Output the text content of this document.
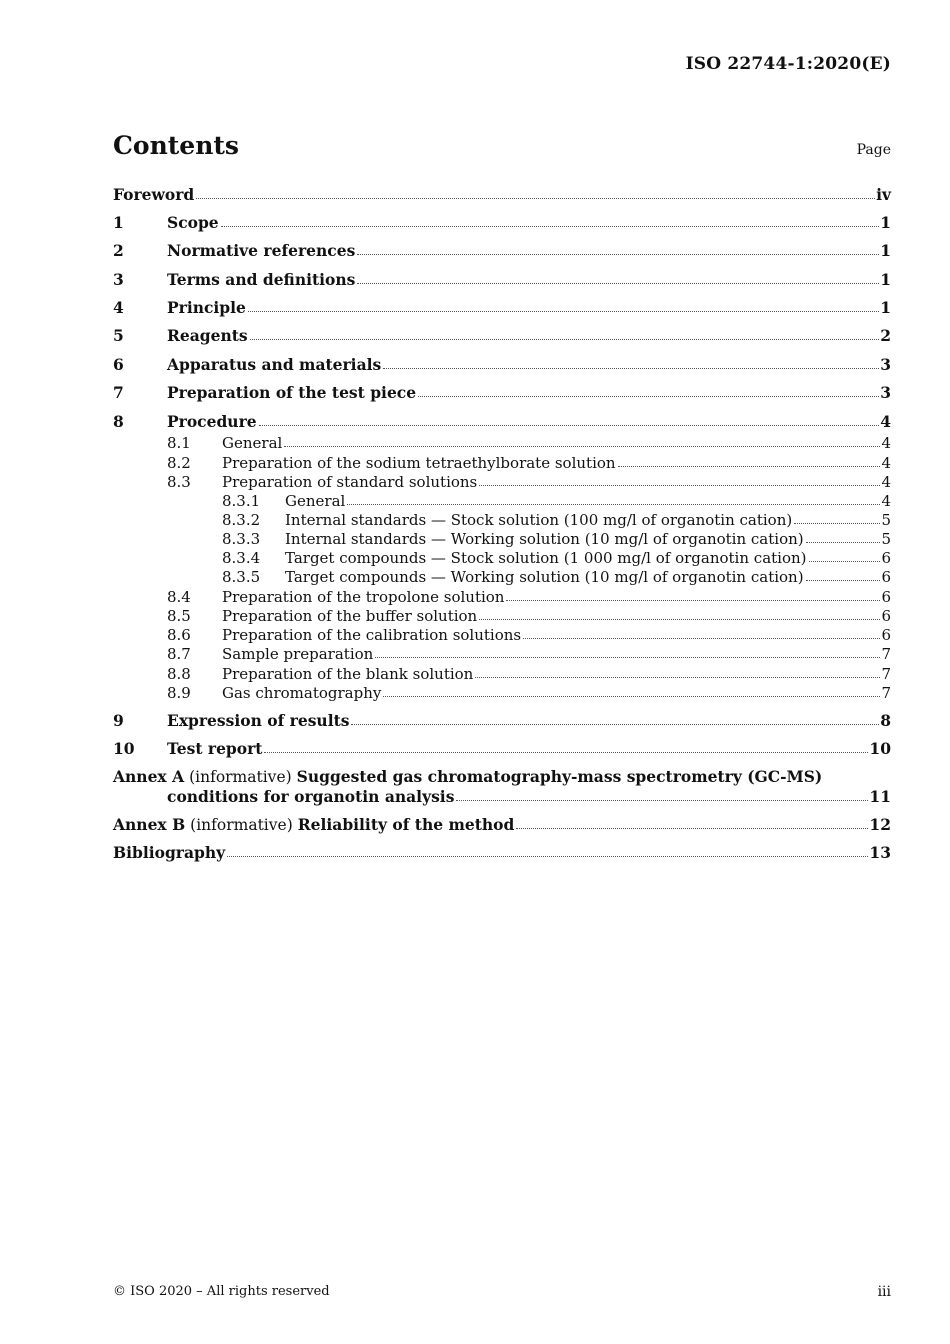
ISO 22744-1:2020(E)
Contents	Page
Foreword	iv
1	Scope	1
2	Normative references	1
3	Terms and definitions	1
4	Principle	1
5	Reagents	2
6	Apparatus and materials	3
7	Preparation of the test piece	3
8	Procedure	4
8.1	General	4
8.2	Preparation of the sodium tetraethylborate solution	4
8.3	Preparation of standard solutions	4
8.3.1	General	4
8.3.2	Internal standards — Stock solution (100 mg/l of organotin cation)	5
8.3.3	Internal standards — Working solution (10 mg/l of organotin cation)	5
8.3.4	Target compounds — Stock solution (1 000 mg/l of organotin cation)	6
8.3.5	Target compounds — Working solution (10 mg/l of organotin cation)	6
8.4	Preparation of the tropolone solution	6
8.5	Preparation of the buffer solution	6
8.6	Preparation of the calibration solutions	6
8.7	Sample preparation	7
8.8	Preparation of the blank solution	7
8.9	Gas chromatography	7
9	Expression of results	8
10	Test report	10
Annex A (informative) Suggested gas chromatography-mass spectrometry (GC-MS)
conditions for organotin analysis	11
Annex B (informative) Reliability of the method	12
Bibliography	13
© ISO 2020 – All rights reserved	iii
